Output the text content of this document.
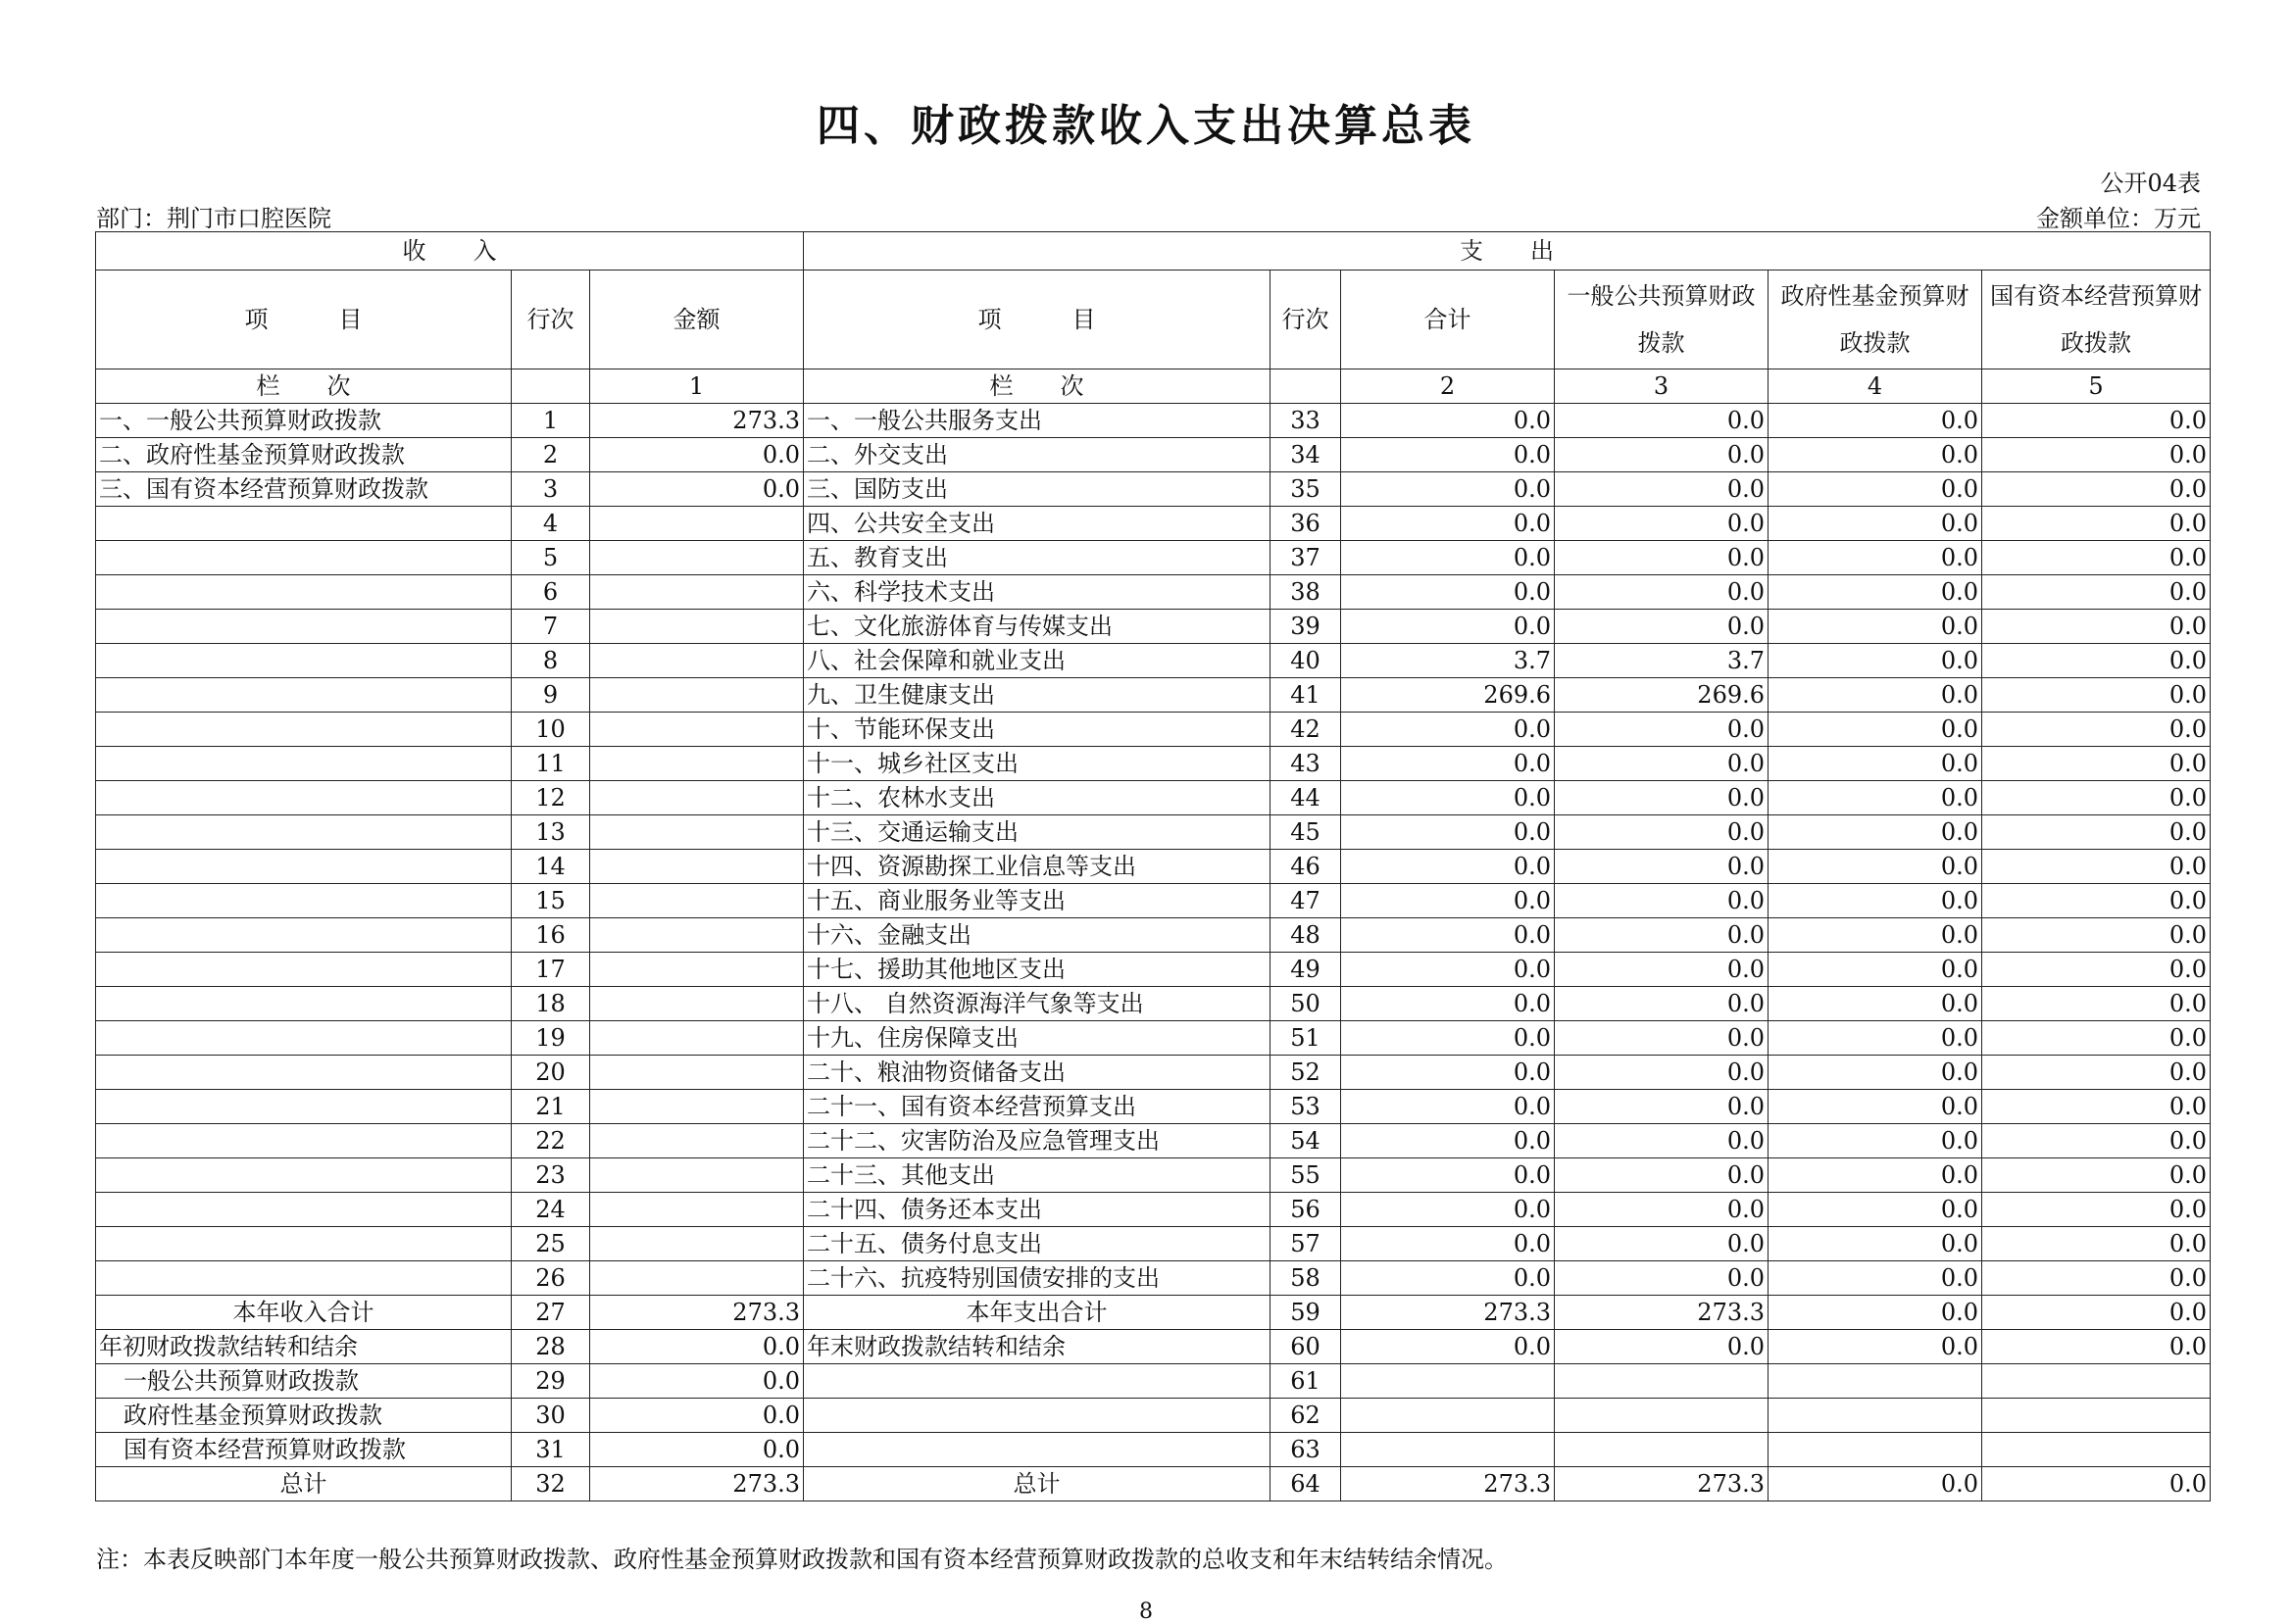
四、财政拨款收入支出决算总表
公开04表
部门：荆门市口腔医院	金额单位：万元
收　　入			支　　出					
项　　　目	行次	金额	项　　　目	行次	合计	一般公共预算财政拨款	政府性基金预算财政拨款	国有资本经营预算财政拨款
栏　　次		1	栏　　次		2	3	4	5
一、一般公共预算财政拨款	1	273.3	一、一般公共服务支出	33	0.0	0.0	0.0	0.0
二、政府性基金预算财政拨款	2	0.0	二、外交支出	34	0.0	0.0	0.0	0.0
三、国有资本经营预算财政拨款	3	0.0	三、国防支出	35	0.0	0.0	0.0	0.0
	4		四、公共安全支出	36	0.0	0.0	0.0	0.0
	5		五、教育支出	37	0.0	0.0	0.0	0.0
	6		六、科学技术支出	38	0.0	0.0	0.0	0.0
	7		七、文化旅游体育与传媒支出	39	0.0	0.0	0.0	0.0
	8		八、社会保障和就业支出	40	3.7	3.7	0.0	0.0
	9		九、卫生健康支出	41	269.6	269.6	0.0	0.0
	10		十、节能环保支出	42	0.0	0.0	0.0	0.0
	11		十一、城乡社区支出	43	0.0	0.0	0.0	0.0
	12		十二、农林水支出	44	0.0	0.0	0.0	0.0
	13		十三、交通运输支出	45	0.0	0.0	0.0	0.0
	14		十四、资源勘探工业信息等支出	46	0.0	0.0	0.0	0.0
	15		十五、商业服务业等支出	47	0.0	0.0	0.0	0.0
	16		十六、金融支出	48	0.0	0.0	0.0	0.0
	17		十七、援助其他地区支出	49	0.0	0.0	0.0	0.0
	18		十八、 自然资源海洋气象等支出	50	0.0	0.0	0.0	0.0
	19		十九、住房保障支出	51	0.0	0.0	0.0	0.0
	20		二十、粮油物资储备支出	52	0.0	0.0	0.0	0.0
	21		二十一、国有资本经营预算支出	53	0.0	0.0	0.0	0.0
	22		二十二、灾害防治及应急管理支出	54	0.0	0.0	0.0	0.0
	23		二十三、其他支出	55	0.0	0.0	0.0	0.0
	24		二十四、债务还本支出	56	0.0	0.0	0.0	0.0
	25		二十五、债务付息支出	57	0.0	0.0	0.0	0.0
	26		二十六、抗疫特别国债安排的支出	58	0.0	0.0	0.0	0.0
本年收入合计	27	273.3	本年支出合计	59	273.3	273.3	0.0	0.0
年初财政拨款结转和结余	28	0.0	年末财政拨款结转和结余	60	0.0	0.0	0.0	0.0
一般公共预算财政拨款	29	0.0		61				
政府性基金预算财政拨款	30	0.0		62				
国有资本经营预算财政拨款	31	0.0		63				
总计	32	273.3	总计	64	273.3	273.3	0.0	0.0
注：本表反映部门本年度一般公共预算财政拨款、政府性基金预算财政拨款和国有资本经营预算财政拨款的总收支和年末结转结余情况。
8
